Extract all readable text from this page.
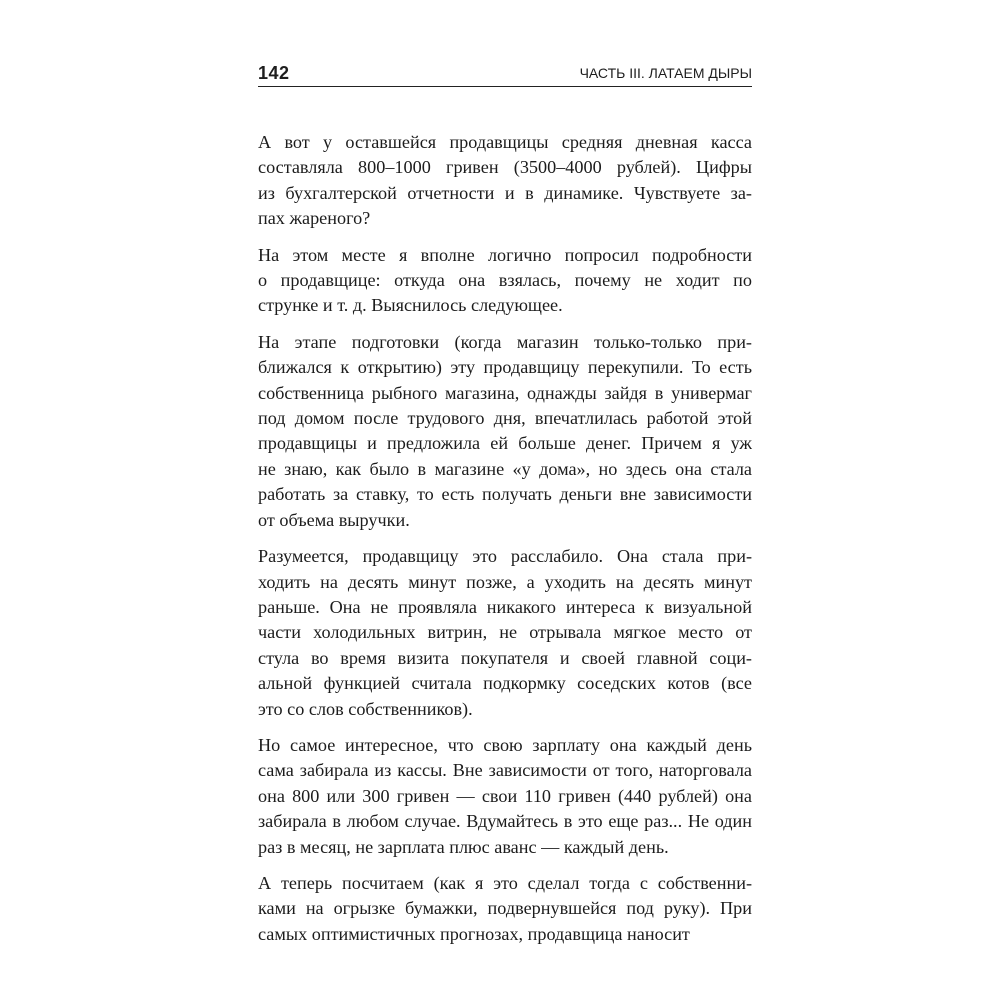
142	ЧАСТЬ III. ЛАТАЕМ ДЫРЫ

А вот у оставшейся продавщицы средняя дневная касса
составляла 800–1000 гривен (3500–4000 рублей). Цифры
из бухгалтерской отчетности и в динамике. Чувствуете за-
пах жареного?

На этом месте я вполне логично попросил подробности
о продавщице: откуда она взялась, почему не ходит по
струнке и т. д. Выяснилось следующее.

На этапе подготовки (когда магазин только-только при-
ближался к открытию) эту продавщицу перекупили. То есть
собственница рыбного магазина, однажды зайдя в универмаг
под домом после трудового дня, впечатлилась работой этой
продавщицы и предложила ей больше денег. Причем я уж
не знаю, как было в магазине «у дома», но здесь она стала
работать за ставку, то есть получать деньги вне зависимости
от объема выручки.

Разумеется, продавщицу это расслабило. Она стала при-
ходить на десять минут позже, а уходить на десять минут
раньше. Она не проявляла никакого интереса к визуальной
части холодильных витрин, не отрывала мягкое место от
стула во время визита покупателя и своей главной соци-
альной функцией считала подкормку соседских котов (все
это со слов собственников).

Но самое интересное, что свою зарплату она каждый день
сама забирала из кассы. Вне зависимости от того, наторговала
она 800 или 300 гривен — свои 110 гривен (440 рублей) она
забирала в любом случае. Вдумайтесь в это еще раз... Не один
раз в месяц, не зарплата плюс аванс — каждый день.

А теперь посчитаем (как я это сделал тогда с собственни-
ками на огрызке бумажки, подвернувшейся под руку). При
самых оптимистичных прогнозах, продавщица наносит
